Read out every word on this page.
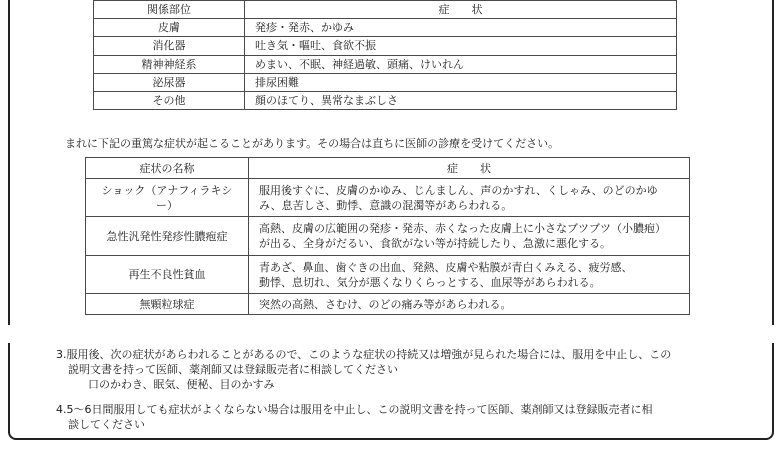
関係部位	症　　状
皮膚	発疹・発赤、かゆみ
消化器	吐き気・嘔吐、食欲不振
精神神経系	めまい、不眠、神経過敏、頭痛、けいれん
泌尿器	排尿困難
その他	顔のほてり、異常なまぶしさ
まれに下記の重篤な症状が起こることがあります。その場合は直ちに医師の診療を受けてください。
症状の名称	症　　状
ショック（アナフィラキシー）	服用後すぐに、皮膚のかゆみ、じんましん、声のかすれ、くしゃみ、のどのかゆ
み、息苦しさ、動悸、意識の混濁等があらわれる。

急性汎発性発疹性膿疱症	高熱、皮膚の広範囲の発疹・発赤、赤くなった皮膚上に小さなブツブツ（小膿疱）
が出る、全身がだるい、食欲がない等が持続したり、急激に悪化する。

再生不良性貧血	青あざ、鼻血、歯ぐきの出血、発熱、皮膚や粘膜が青白くみえる、疲労感、
動悸、息切れ、気分が悪くなりくらっとする、血尿等があらわれる。

無顆粒球症	突然の高熱、さむけ、のどの痛み等があらわれる。
3.服用後、次の症状があらわれることがあるので、このような症状の持続又は増強が見られた場合には、服用を中止し、この
説明文書を持って医師、薬剤師又は登録販売者に相談してください
口のかわき、眠気、便秘、目のかすみ
4.5～6日間服用しても症状がよくならない場合は服用を中止し、この説明文書を持って医師、薬剤師又は登録販売者に相
談してください
